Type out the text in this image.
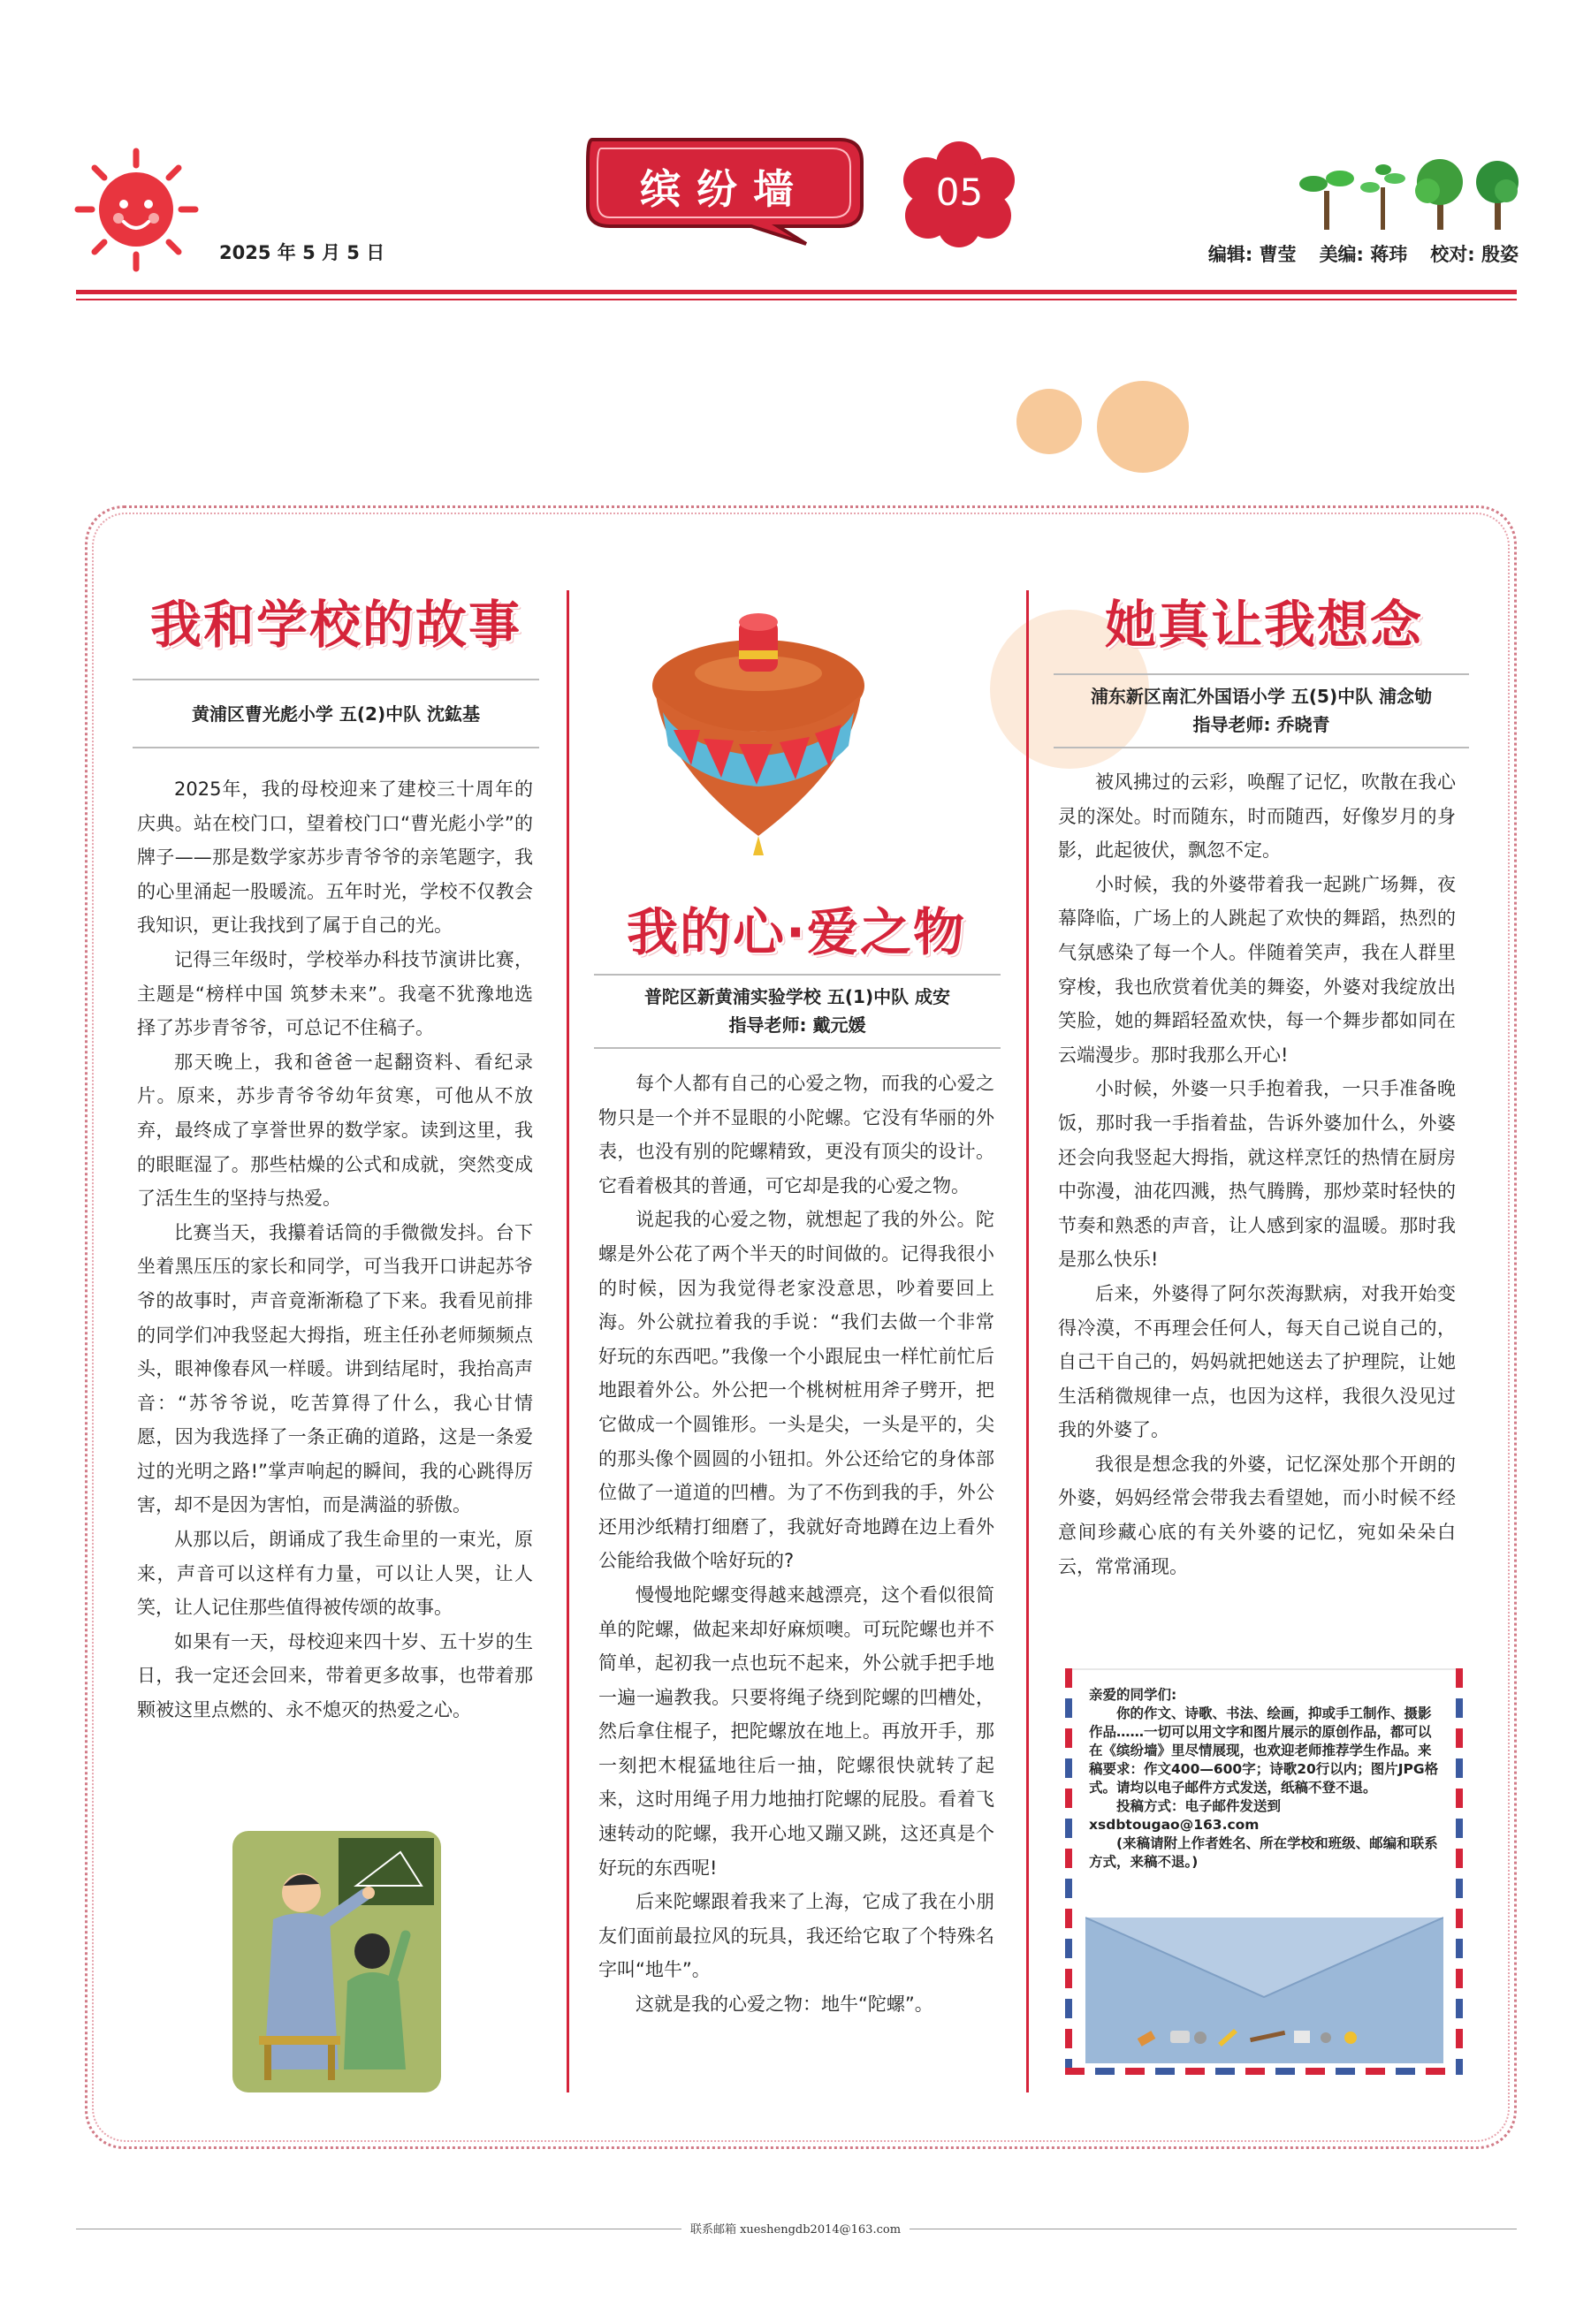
2025 年 5 月 5 日
缤纷墙	05
编辑: 曹莹 美编: 蒋玮 校对: 殷姿
我和学校的故事
黄浦区曹光彪小学 五(2)中队 沈鈜基

2025年，我的母校迎来了建校三十周年的庆典。站在校门口，望着校门口“曹光彪小学”的牌子——那是数学家苏步青爷爷的亲笔题字，我的心里涌起一股暖流。五年时光，学校不仅教会我知识，更让我找到了属于自己的光。

记得三年级时，学校举办科技节演讲比赛，主题是“榜样中国 筑梦未来”。我毫不犹豫地选择了苏步青爷爷，可总记不住稿子。

那天晚上，我和爸爸一起翻资料、看纪录片。原来，苏步青爷爷幼年贫寒，可他从不放弃，最终成了享誉世界的数学家。读到这里，我的眼眶湿了。那些枯燥的公式和成就，突然变成了活生生的坚持与热爱。

比赛当天，我攥着话筒的手微微发抖。台下坐着黑压压的家长和同学，可当我开口讲起苏爷爷的故事时，声音竟渐渐稳了下来。我看见前排的同学们冲我竖起大拇指，班主任孙老师频频点头，眼神像春风一样暖。讲到结尾时，我抬高声音：“苏爷爷说，吃苦算得了什么，我心甘情愿，因为我选择了一条正确的道路，这是一条爱过的光明之路!”掌声响起的瞬间，我的心跳得厉害，却不是因为害怕，而是满溢的骄傲。

从那以后，朗诵成了我生命里的一束光，原来，声音可以这样有力量，可以让人哭，让人笑，让人记住那些值得被传颂的故事。

如果有一天，母校迎来四十岁、五十岁的生日，我一定还会回来，带着更多故事，也带着那颗被这里点燃的、永不熄灭的热爱之心。

我的心·爱之物
普陀区新黄浦实验学校 五(1)中队 成安
指导老师: 戴元媛

每个人都有自己的心爱之物，而我的心爱之物只是一个并不显眼的小陀螺。它没有华丽的外表，也没有别的陀螺精致，更没有顶尖的设计。它看着极其的普通，可它却是我的心爱之物。

说起我的心爱之物，就想起了我的外公。陀螺是外公花了两个半天的时间做的。记得我很小的时候，因为我觉得老家没意思，吵着要回上海。外公就拉着我的手说：“我们去做一个非常好玩的东西吧。”我像一个小跟屁虫一样忙前忙后地跟着外公。外公把一个桃树桩用斧子劈开，把它做成一个圆锥形。一头是尖，一头是平的，尖的那头像个圆圆的小钮扣。外公还给它的身体部位做了一道道的凹槽。为了不伤到我的手，外公还用沙纸精打细磨了，我就好奇地蹲在边上看外公能给我做个啥好玩的?

慢慢地陀螺变得越来越漂亮，这个看似很简单的陀螺，做起来却好麻烦噢。可玩陀螺也并不简单，起初我一点也玩不起来，外公就手把手地一遍一遍教我。只要将绳子绕到陀螺的凹槽处，然后拿住棍子，把陀螺放在地上。再放开手，那一刻把木棍猛地往后一抽，陀螺很快就转了起来，这时用绳子用力地抽打陀螺的屁股。看着飞速转动的陀螺，我开心地又蹦又跳，这还真是个好玩的东西呢!

后来陀螺跟着我来了上海，它成了我在小朋友们面前最拉风的玩具，我还给它取了个特殊名字叫“地牛”。

这就是我的心爱之物：地牛“陀螺”。

她真让我想念
浦东新区南汇外国语小学 五(5)中队 浦念劬
指导老师: 乔晓青

被风拂过的云彩，唤醒了记忆，吹散在我心灵的深处。时而随东，时而随西，好像岁月的身影，此起彼伏，飘忽不定。

小时候，我的外婆带着我一起跳广场舞，夜幕降临，广场上的人跳起了欢快的舞蹈，热烈的气氛感染了每一个人。伴随着笑声，我在人群里穿梭，我也欣赏着优美的舞姿，外婆对我绽放出笑脸，她的舞蹈轻盈欢快，每一个舞步都如同在云端漫步。那时我那么开心!

小时候，外婆一只手抱着我，一只手准备晚饭，那时我一手指着盐，告诉外婆加什么，外婆还会向我竖起大拇指，就这样烹饪的热情在厨房中弥漫，油花四溅，热气腾腾，那炒菜时轻快的节奏和熟悉的声音，让人感到家的温暖。那时我是那么快乐!

后来，外婆得了阿尔茨海默病，对我开始变得冷漠，不再理会任何人，每天自己说自己的，自己干自己的，妈妈就把她送去了护理院，让她生活稍微规律一点，也因为这样，我很久没见过我的外婆了。

我很是想念我的外婆，记忆深处那个开朗的外婆，妈妈经常会带我去看望她，而小时候不经意间珍藏心底的有关外婆的记忆，宛如朵朵白云，常常涌现。

亲爱的同学们:

你的作文、诗歌、书法、绘画，抑或手工制作、摄影作品……一切可以用文字和图片展示的原创作品，都可以在《缤纷墙》里尽情展现，也欢迎老师推荐学生作品。来稿要求：作文400—600字；诗歌20行以内；图片JPG格式。请均以电子邮件方式发送，纸稿不登不退。

投稿方式：电子邮件发送到xsdbtougao@163.com

(来稿请附上作者姓名、所在学校和班级、邮编和联系方式，来稿不退。)

联系邮箱 xueshengdb2014@163.com
